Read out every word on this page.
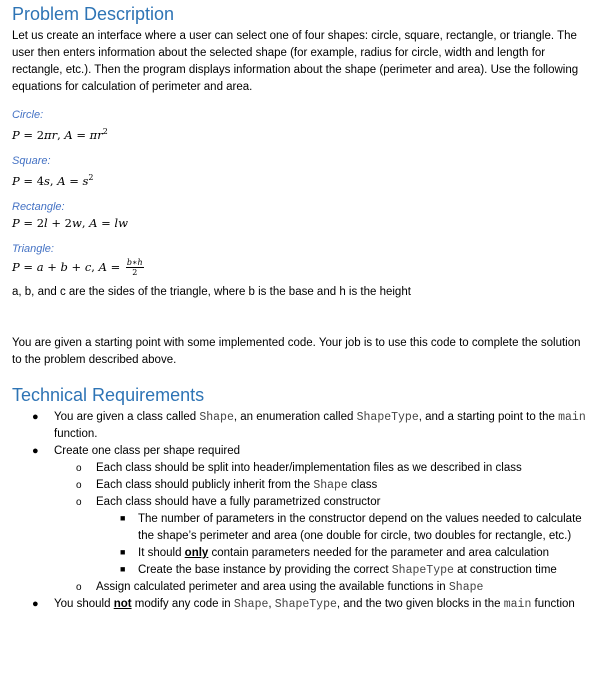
Problem Description

Let us create an interface where a user can select one of four shapes: circle, square, rectangle, or triangle. The user then enters information about the selected shape (for example, radius for circle, width and length for rectangle, etc.). Then the program displays information about the shape (perimeter and area). Use the following equations for calculation of perimeter and area.

Circle:
P = 2πr, $A = \pi r^2$
Square:
P = 4s, $A = s^2$
Rectangle:
P = 2l + 2w, A = lw
Triangle:
P = a + b + c, $A = \frac{b∗h}{2}$

a, b, and c are the sides of the triangle, where b is the base and h is the height

You are given a starting point with some implemented code. Your job is to use this code to complete the solution to the problem described above.

Technical Requirements
● You are given a class called Shape, an enumeration called ShapeType, and a starting point to the main function.
● Create one class per shape required
o Each class should be split into header/implementation files as we described in class
o Each class should publicly inherit from the Shape class
o Each class should have a fully parametrized constructor
■ The number of parameters in the constructor depend on the values needed to calculate the shape’s perimeter and area (one double for circle, two doubles for rectangle, etc.)
■ It should only contain parameters needed for the parameter and area calculation
■ Create the base instance by providing the correct ShapeType at construction time
o Assign calculated perimeter and area using the available functions in Shape
● You should not modify any code in Shape, ShapeType, and the two given blocks in the main function
